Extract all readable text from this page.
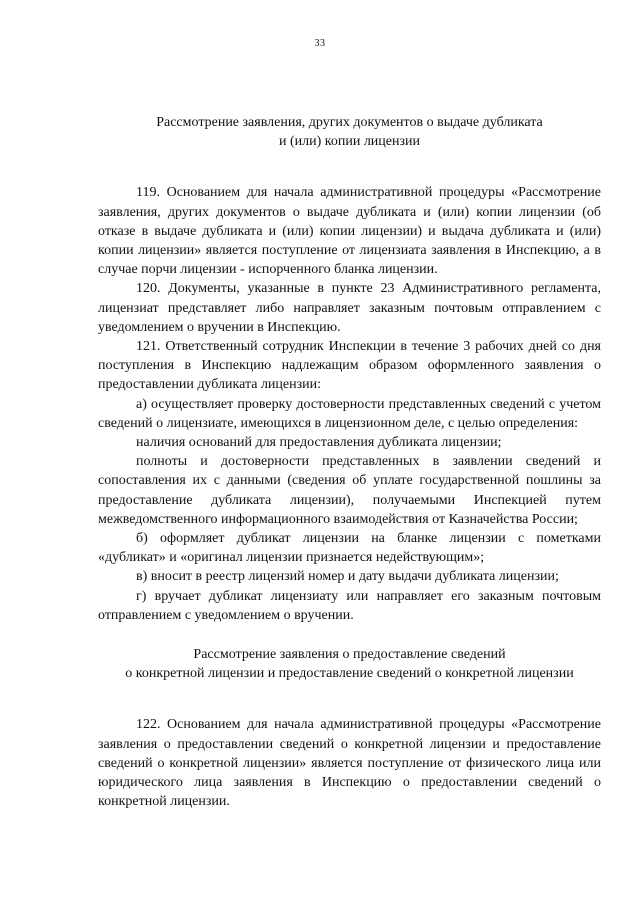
33
Рассмотрение заявления, других документов о выдаче дубликата
и (или) копии лицензии

119. Основанием для начала административной процедуры «Рассмотрение заявления, других документов о выдаче дубликата и (или) копии лицензии (об отказе в выдаче дубликата и (или) копии лицензии) и выдача дубликата и (или) копии лицензии» является поступление от лицензиата заявления в Инспекцию, а в случае порчи лицензии - испорченного бланка лицензии.

120. Документы, указанные в пункте 23 Административного регламента, лицензиат представляет либо направляет заказным почтовым отправлением с уведомлением о вручении в Инспекцию.

121. Ответственный сотрудник Инспекции в течение 3 рабочих дней со дня поступления в Инспекцию надлежащим образом оформленного заявления о предоставлении дубликата лицензии:

а) осуществляет проверку достоверности представленных сведений с учетом сведений о лицензиате, имеющихся в лицензионном деле, с целью определения:

наличия оснований для предоставления дубликата лицензии;

полноты и достоверности представленных в заявлении сведений и сопоставления их с данными (сведения об уплате государственной пошлины за предоставление дубликата лицензии), получаемыми Инспекцией путем межведомственного информационного взаимодействия от Казначейства России;

б) оформляет дубликат лицензии на бланке лицензии с пометками «дубликат» и «оригинал лицензии признается недействующим»;

в) вносит в реестр лицензий номер и дату выдачи дубликата лицензии;

г) вручает дубликат лицензиату или направляет его заказным почтовым отправлением с уведомлением о вручении.

Рассмотрение заявления о предоставление сведений
о конкретной лицензии и предоставление сведений о конкретной лицензии

122. Основанием для начала административной процедуры «Рассмотрение заявления о предоставлении сведений о конкретной лицензии и предоставление сведений о конкретной лицензии» является поступление от физического лица или юридического лица заявления в Инспекцию о предоставлении сведений о конкретной лицензии.
